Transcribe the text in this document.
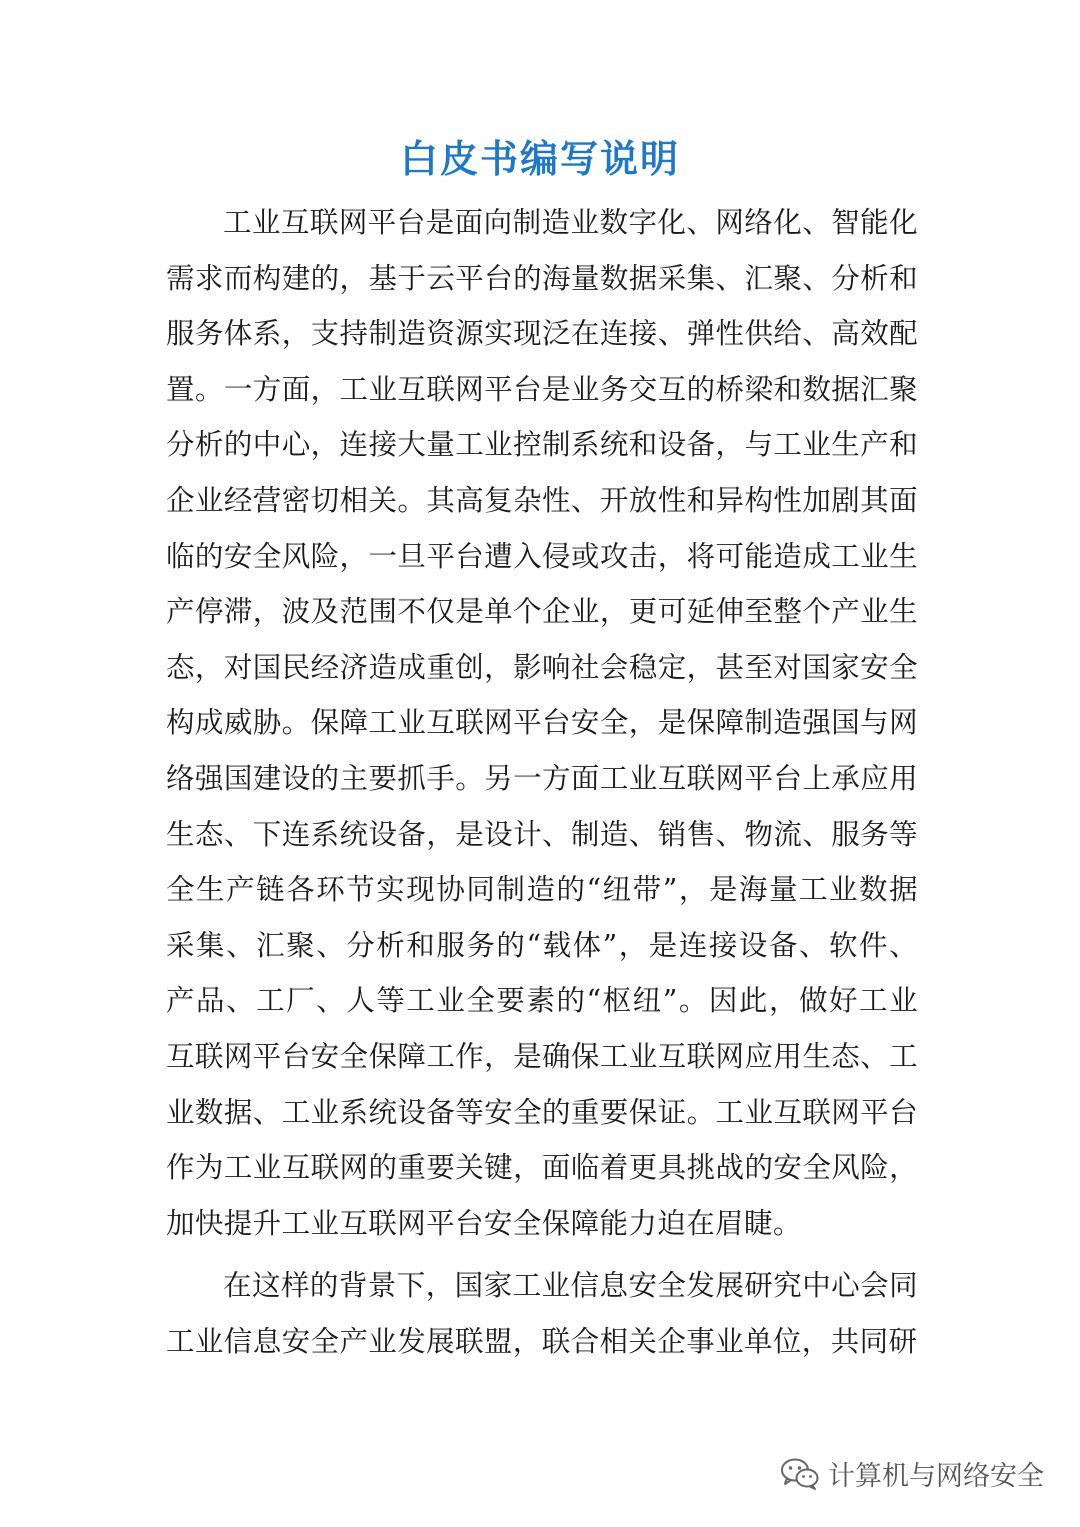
白皮书编写说明

工业互联网平台是面向制造业数字化、网络化、智能化需求而构建的，基于云平台的海量数据采集、汇聚、分析和服务体系，支持制造资源实现泛在连接、弹性供给、高效配置。一方面，工业互联网平台是业务交互的桥梁和数据汇聚分析的中心，连接大量工业控制系统和设备，与工业生产和企业经营密切相关。其高复杂性、开放性和异构性加剧其面临的安全风险，一旦平台遭入侵或攻击，将可能造成工业生产停滞，波及范围不仅是单个企业，更可延伸至整个产业生态，对国民经济造成重创，影响社会稳定，甚至对国家安全构成威胁。保障工业互联网平台安全，是保障制造强国与网络强国建设的主要抓手。另一方面工业互联网平台上承应用生态、下连系统设备，是设计、制造、销售、物流、服务等全生产链各环节实现协同制造的“纽带”，是海量工业数据采集、汇聚、分析和服务的“载体”，是连接设备、软件、产品、工厂、人等工业全要素的“枢纽”。因此，做好工业互联网平台安全保障工作，是确保工业互联网应用生态、工业数据、工业系统设备等安全的重要保证。工业互联网平台作为工业互联网的重要关键，面临着更具挑战的安全风险，加快提升工业互联网平台安全保障能力迫在眉睫。

在这样的背景下，国家工业信息安全发展研究中心会同工业信息安全产业发展联盟，联合相关企事业单位，共同研

计算机与网络安全
